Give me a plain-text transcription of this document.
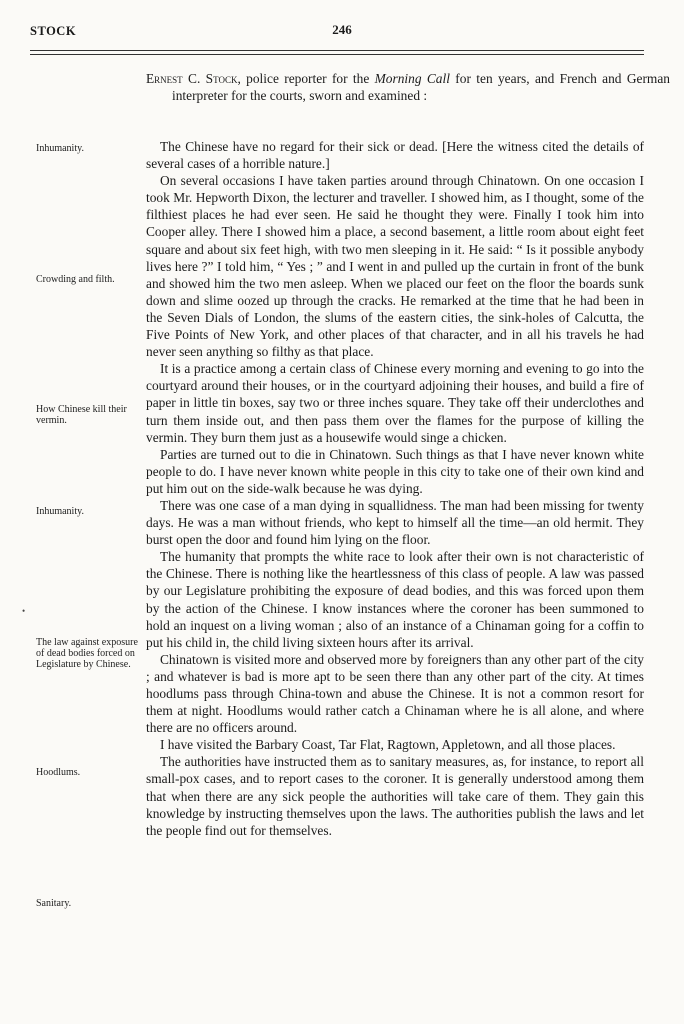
STOCK	246
Ernest C. Stock, police reporter for the Morning Call for ten years, and French and German interpreter for the courts, sworn and examined :
Inhumanity.
Crowding and filth.
How Chinese kill their vermin.
Inhumanity.
The law against exposure of dead bodies forced on Legislature by Chinese.
Hoodlums.
Sanitary.
•

The Chinese have no regard for their sick or dead. [Here the witness cited the details of several cases of a horrible nature.]

On several occasions I have taken parties around through Chinatown. On one occasion I took Mr. Hepworth Dixon, the lecturer and traveller. I showed him, as I thought, some of the filthiest places he had ever seen. He said he thought they were. Finally I took him into Cooper alley. There I showed him a place, a second basement, a little room about eight feet square and about six feet high, with two men sleeping in it. He said: “ Is it possible anybody lives here ?” I told him, “ Yes ; ” and I went in and pulled up the curtain in front of the bunk and showed him the two men asleep. When we placed our feet on the floor the boards sunk down and slime oozed up through the cracks. He remarked at the time that he had been in the Seven Dials of London, the slums of the eastern cities, the sink-holes of Calcutta, the Five Points of New York, and other places of that character, and in all his travels he had never seen anything so filthy as that place.

It is a practice among a certain class of Chinese every morning and evening to go into the courtyard around their houses, or in the courtyard adjoining their houses, and build a fire of paper in little tin boxes, say two or three inches square. They take off their underclothes and turn them inside out, and then pass them over the flames for the purpose of killing the vermin. They burn them just as a housewife would singe a chicken.

Parties are turned out to die in Chinatown. Such things as that I have never known white people to do. I have never known white people in this city to take one of their own kind and put him out on the side-walk because he was dying.

There was one case of a man dying in squallidness. The man had been missing for twenty days. He was a man without friends, who kept to himself all the time—an old hermit. They burst open the door and found him lying on the floor.

The humanity that prompts the white race to look after their own is not characteristic of the Chinese. There is nothing like the heartlessness of this class of people. A law was passed by our Legislature prohibiting the exposure of dead bodies, and this was forced upon them by the action of the Chinese. I know instances where the coroner has been summoned to hold an inquest on a living woman ; also of an instance of a Chinaman going for a coffin to put his child in, the child living sixteen hours after its arrival.

Chinatown is visited more and observed more by foreigners than any other part of the city ; and whatever is bad is more apt to be seen there than any other part of the city. At times hoodlums pass through China-town and abuse the Chinese. It is not a common resort for them at night. Hoodlums would rather catch a Chinaman where he is all alone, and where there are no officers around.

I have visited the Barbary Coast, Tar Flat, Ragtown, Appletown, and all those places.

The authorities have instructed them as to sanitary measures, as, for instance, to report all small-pox cases, and to report cases to the coroner. It is generally understood among them that when there are any sick people the authorities will take care of them. They gain this knowledge by instructing themselves upon the laws. The authorities publish the laws and let the people find out for themselves.
